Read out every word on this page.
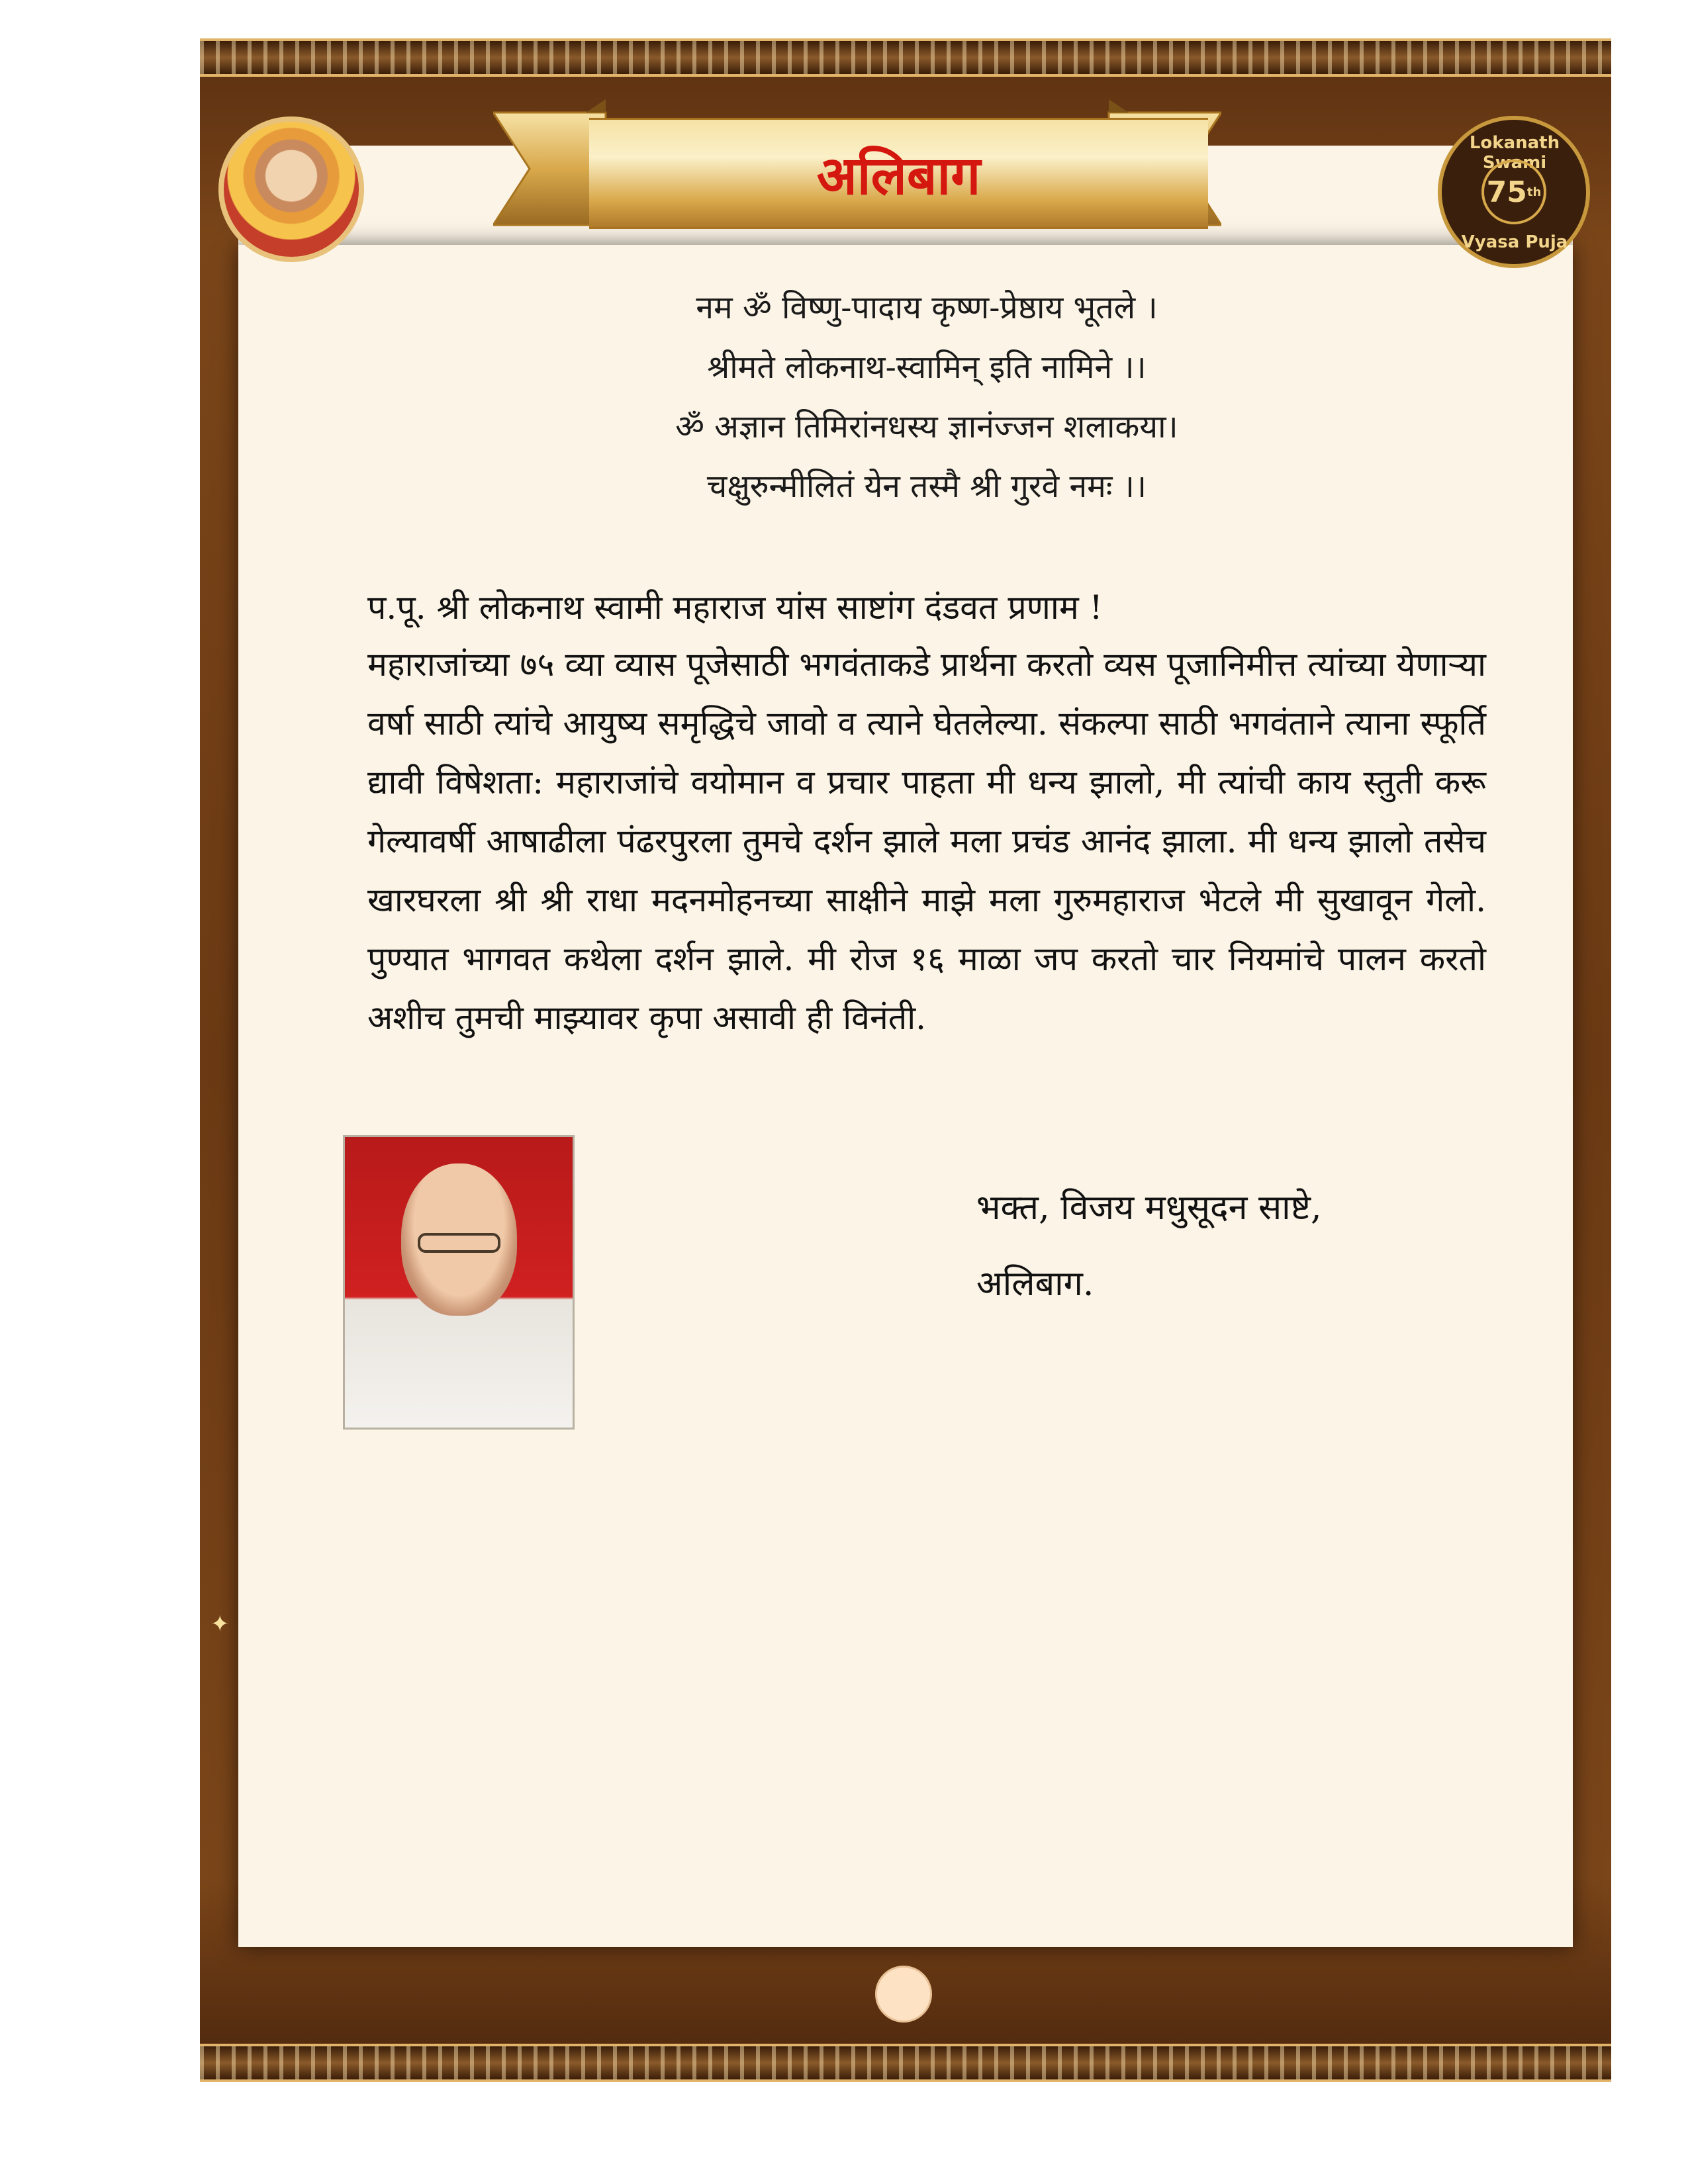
अलिबाग
Lokanath Swami
75 th
Vyasa Puja
नम ॐ विष्णु-पादाय कृष्ण-प्रेष्ठाय भूतले ।
श्रीमते लोकनाथ-स्वामिन् इति नामिने ।।
ॐ अज्ञान तिमिरांनधस्य ज्ञानंज्जन शलाकया।
चक्षुरुन्मीलितं येन तस्मै श्री गुरवे नमः ।।
प.पू. श्री लोकनाथ स्वामी महाराज यांस साष्टांग दंडवत प्रणाम !
महाराजांच्या ७५ व्या व्यास पूजेसाठी भगवंताकडे प्रार्थना करतो व्यस पूजानिमीत्त त्यांच्या येणाऱ्या वर्षा साठी त्यांचे आयुष्य समृद्धिचे जावो व त्याने घेतलेल्या. संकल्पा साठी भगवंताने त्याना स्फूर्ति द्यावी विषेशता: महाराजांचे वयोमान व प्रचार पाहता मी धन्य झालो, मी त्यांची काय स्तुती करू गेल्यावर्षी आषाढीला पंढरपुरला तुमचे दर्शन झाले मला प्रचंड आनंद झाला. मी धन्य झालो तसेच खारघरला श्री श्री राधा मदनमोहनच्या साक्षीने माझे मला गुरुमहाराज भेटले मी सुखावून गेलो. पुण्यात भागवत कथेला दर्शन झाले. मी रोज १६ माळा जप करतो चार नियमांचे पालन करतो अशीच तुमची माझ्यावर कृपा असावी ही विनंती.
भक्त, विजय मधुसूदन साष्टे,
अलिबाग.
✦
